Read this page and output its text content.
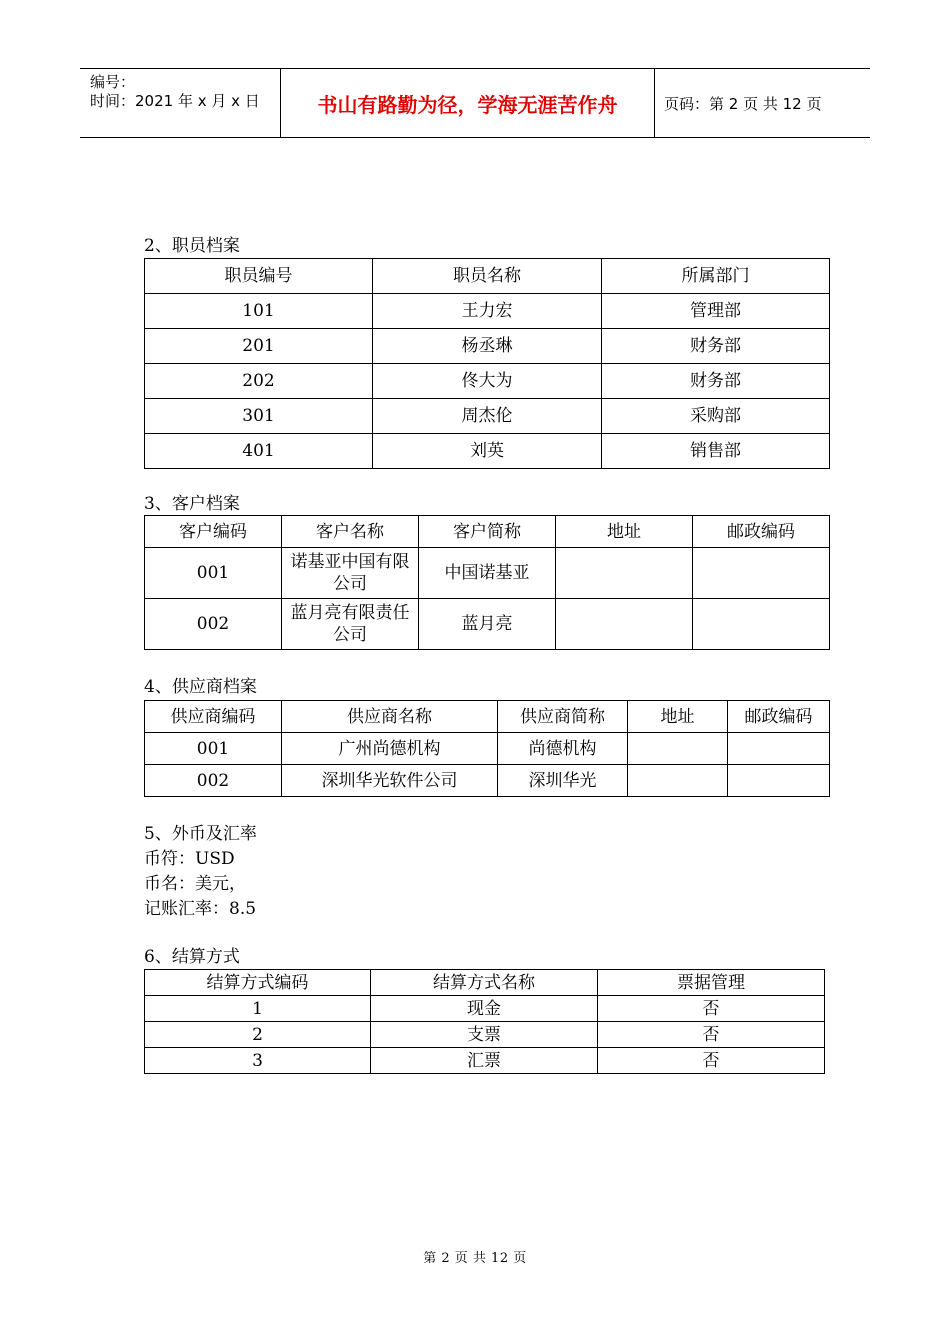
编号：
时间：2021 年 x 月 x 日	书山有路勤为径，学海无涯苦作舟	页码：第 2 页 共 12 页
2、职员档案
职员编号	职员名称	所属部门
101	王力宏	管理部
201	杨丞琳	财务部
202	佟大为	财务部
301	周杰伦	采购部
401	刘英	销售部
3、客户档案
客户编码	客户名称	客户简称	地址	邮政编码
001	诺基亚中国有限公司	中国诺基亚		
002	蓝月亮有限责任公司	蓝月亮		
4、供应商档案
供应商编码	供应商名称	供应商简称	地址	邮政编码
001	广州尚德机构	尚德机构		
002	深圳华光软件公司	深圳华光		
5、外币及汇率
币符：USD
币名：美元，
记账汇率：8.5
6、结算方式
结算方式编码	结算方式名称	票据管理
1	现金	否
2	支票	否
3	汇票	否
第 2 页 共 12 页
